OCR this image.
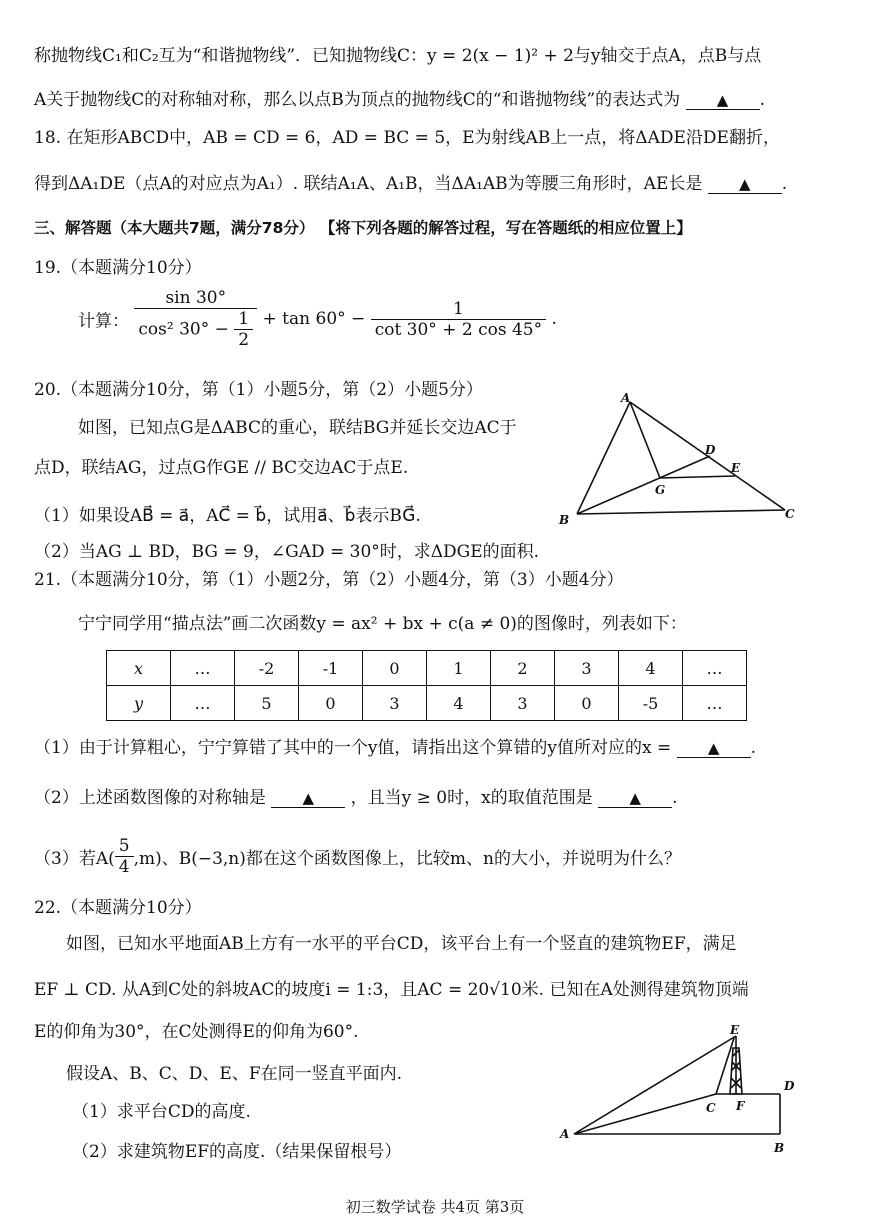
称抛物线C₁和C₂互为“和谐抛物线”．已知抛物线C：y = 2(x − 1)² + 2与y轴交于点A，点B与点
A关于抛物线C的对称轴对称，那么以点B为顶点的抛物线C的“和谐抛物线”的表达式为 ▲ .
18. 在矩形ABCD中，AB = CD = 6，AD = BC = 5，E为射线AB上一点，将ΔADE沿DE翻折，
得到ΔA₁DE（点A的对应点为A₁）. 联结A₁A、A₁B，当ΔA₁AB为等腰三角形时，AE长是 ▲ .
三、解答题（本大题共7题，满分78分） 【将下列各题的解答过程，写在答题纸的相应位置上】
19.（本题满分10分）
计算： $\frac{\sin 30^\circ}{\cos^2 30^\circ - \frac{1}{2}} + \tan 60^\circ - \frac{1}{\cot 30^\circ + 2 \cos 45^\circ}$ .
20.（本题满分10分，第（1）小题5分，第（2）小题5分）
如图，已知点G是ΔABC的重心，联结BG并延长交边AC于
点D，联结AG，过点G作GE // BC交边AC于点E.
（1）如果设AB⃗ = a⃗，AC⃗ = b⃗，试用a⃗、b⃗表示BG⃗.
（2）当AG ⊥ BD，BG = 9，∠GAD = 30°时，求ΔDGE的面积.
A
B	C
D
E
G
21.（本题满分10分，第（1）小题2分，第（2）小题4分，第（3）小题4分）
宁宁同学用“描点法”画二次函数y = ax² + bx + c(a ≠ 0)的图像时，列表如下：
x	…	-2	-1	0	1	2	3	4	…
y	…	5	0	3	4	3	0	-5	…
（1）由于计算粗心，宁宁算错了其中的一个y值，请指出这个算错的y值所对应的x = ▲ .
（2）上述函数图像的对称轴是 ▲ ，且当y ≥ 0时，x的取值范围是 ▲ .
（3）若$A( \frac{5}{4} ,m)$、B(−3,n)都在这个函数图像上，比较m、n的大小，并说明为什么？
22.（本题满分10分）
如图，已知水平地面AB上方有一水平的平台CD，该平台上有一个竖直的建筑物EF，满足
EF ⊥ CD. 从A到C处的斜坡AC的坡度i = 1:3，且AC = 20√10米. 已知在A处测得建筑物顶端
E的仰角为30°，在C处测得E的仰角为60°.
假设A、B、C、D、E、F在同一竖直平面内.
（1）求平台CD的高度.
（2）求建筑物EF的高度.（结果保留根号）
A
B
C
D
E
F
初三数学试卷 共4页 第3页
